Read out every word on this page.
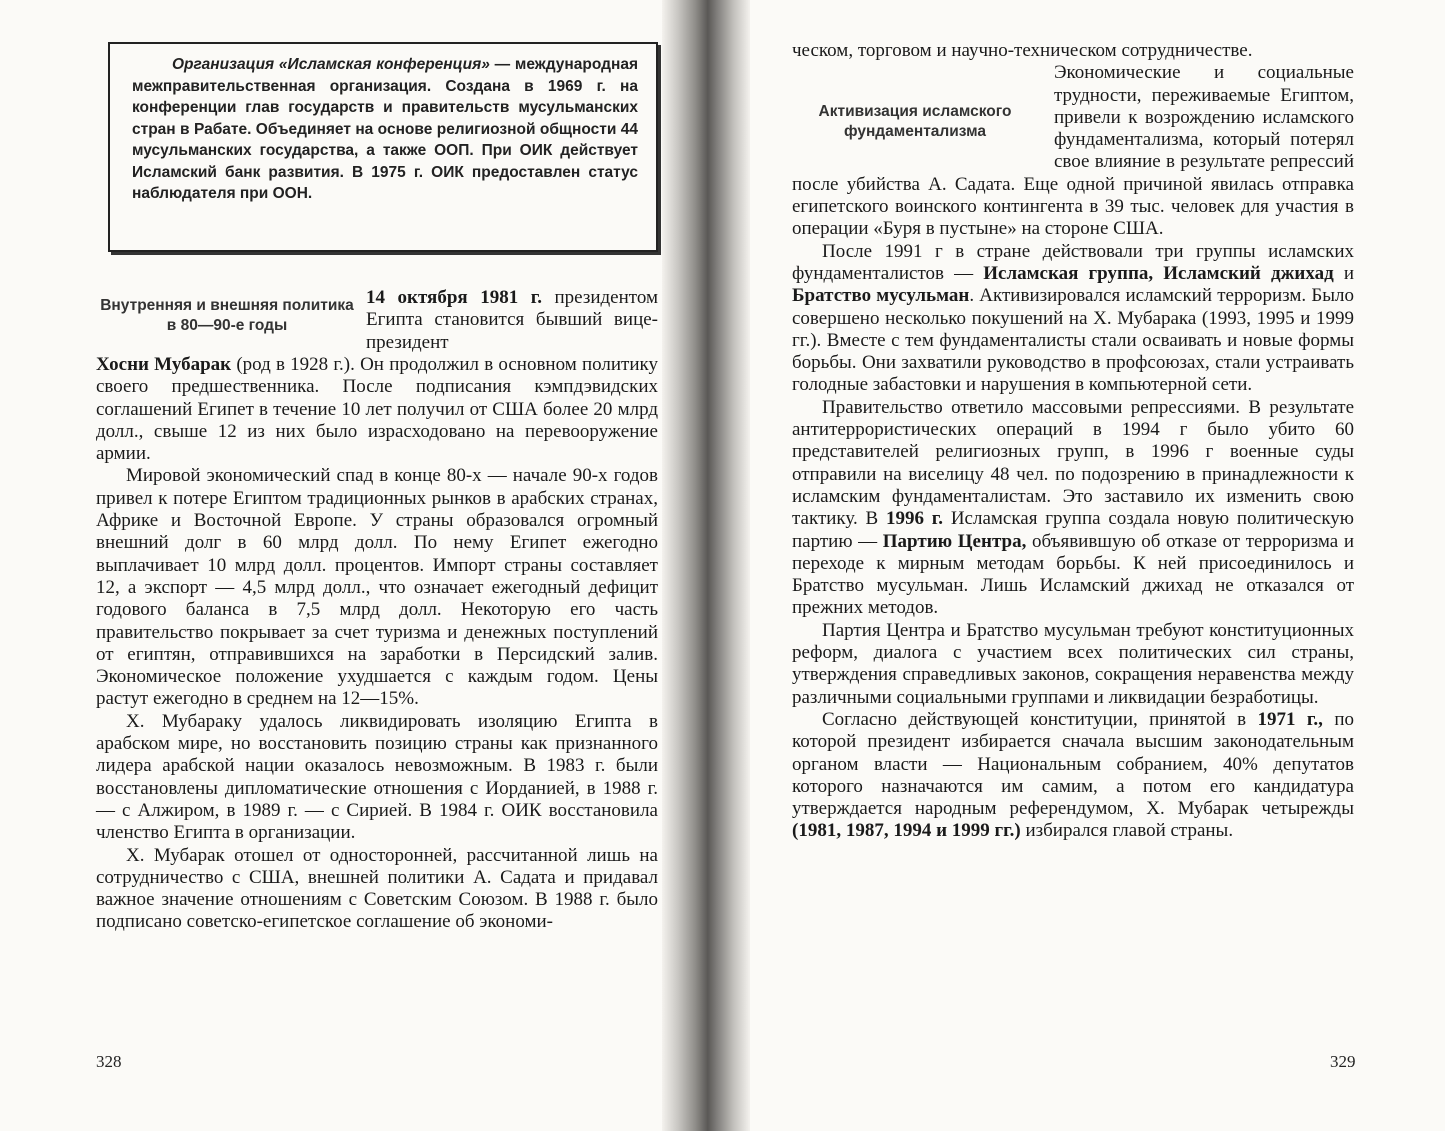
Организация «Исламская конференция» — международная межправительственная организация. Создана в 1969 г. на конференции глав государств и правительств мусульманских стран в Рабате. Объединяет на основе религиозной общности 44 мусульманских государства, а также ООП. При ОИК действует Исламский банк развития. В 1975 г. ОИК предоставлен статус наблюдателя при ООН.

Внутренняя и внешняя политика в 80—90-е годы

14 октября 1981 г. президентом Египта становится бывший вице-президент

Хосни Мубарак (род в 1928 г.). Он продолжил в основном политику своего предшественника. После подписания кэмпдэвидских соглашений Египет в течение 10 лет получил от США более 20 млрд долл., свыше 12 из них было израсходовано на перевооружение армии.

Мировой экономический спад в конце 80-х — начале 90-х годов привел к потере Египтом традиционных рынков в арабских странах, Африке и Восточной Европе. У страны образовался огромный внешний долг в 60 млрд долл. По нему Египет ежегодно выплачивает 10 млрд долл. процентов. Импорт страны составляет 12, а экспорт — 4,5 млрд долл., что означает ежегодный дефицит годового баланса в 7,5 млрд долл. Некоторую его часть правительство покрывает за счет туризма и денежных поступлений от египтян, отправившихся на заработки в Персидский залив. Экономическое положение ухудшается с каждым годом. Цены растут ежегодно в среднем на 12—15%.

Х. Мубараку удалось ликвидировать изоляцию Египта в арабском мире, но восстановить позицию страны как признанного лидера арабской нации оказалось невозможным. В 1983 г. были восстановлены дипломатические отношения с Иорданией, в 1988 г. — с Алжиром, в 1989 г. — с Сирией. В 1984 г. ОИК восстановила членство Египта в организации.

Х. Мубарак отошел от односторонней, рассчитанной лишь на сотрудничество с США, внешней политики А. Садата и придавал важное значение отношениям с Советским Союзом. В 1988 г. было подписано советско-египетское соглашение об экономи-

328
Активизация исламского фундаментализма

ческом, торговом и научно-техническом сотрудничестве.

Экономические и социальные трудности, переживаемые Египтом, привели к возрождению исламского фундаментализма, который потерял свое влияние в результате репрессий после убийства А. Садата. Еще одной причиной явилась отправка египетского воинского контингента в 39 тыс. человек для участия в операции «Буря в пустыне» на стороне США.

После 1991 г в стране действовали три группы исламских фундаменталистов — Исламская группа, Исламский джихад и Братство мусульман. Активизировался исламский терроризм. Было совершено несколько покушений на Х. Мубарака (1993, 1995 и 1999 гг.). Вместе с тем фундаменталисты стали осваивать и новые формы борьбы. Они захватили руководство в профсоюзах, стали устраивать голодные забастовки и нарушения в компьютерной сети.

Правительство ответило массовыми репрессиями. В результате антитеррористических операций в 1994 г было убито 60 представителей религиозных групп, в 1996 г военные суды отправили на виселицу 48 чел. по подозрению в принадлежности к исламским фундаменталистам. Это заставило их изменить свою тактику. В 1996 г. Исламская группа создала новую политическую партию — Партию Центра, объявившую об отказе от терроризма и переходе к мирным методам борьбы. К ней присоединилось и Братство мусульман. Лишь Исламский джихад не отказался от прежних методов.

Партия Центра и Братство мусульман требуют конституционных реформ, диалога с участием всех политических сил страны, утверждения справедливых законов, сокращения неравенства между различными социальными группами и ликвидации безработицы.

Согласно действующей конституции, принятой в 1971 г., по которой президент избирается сначала высшим законодательным органом власти — Национальным собранием, 40% депутатов которого назначаются им самим, а потом его кандидатура утверждается народным референдумом, Х. Мубарак четырежды (1981, 1987, 1994 и 1999 гг.) избирался главой страны.

329
